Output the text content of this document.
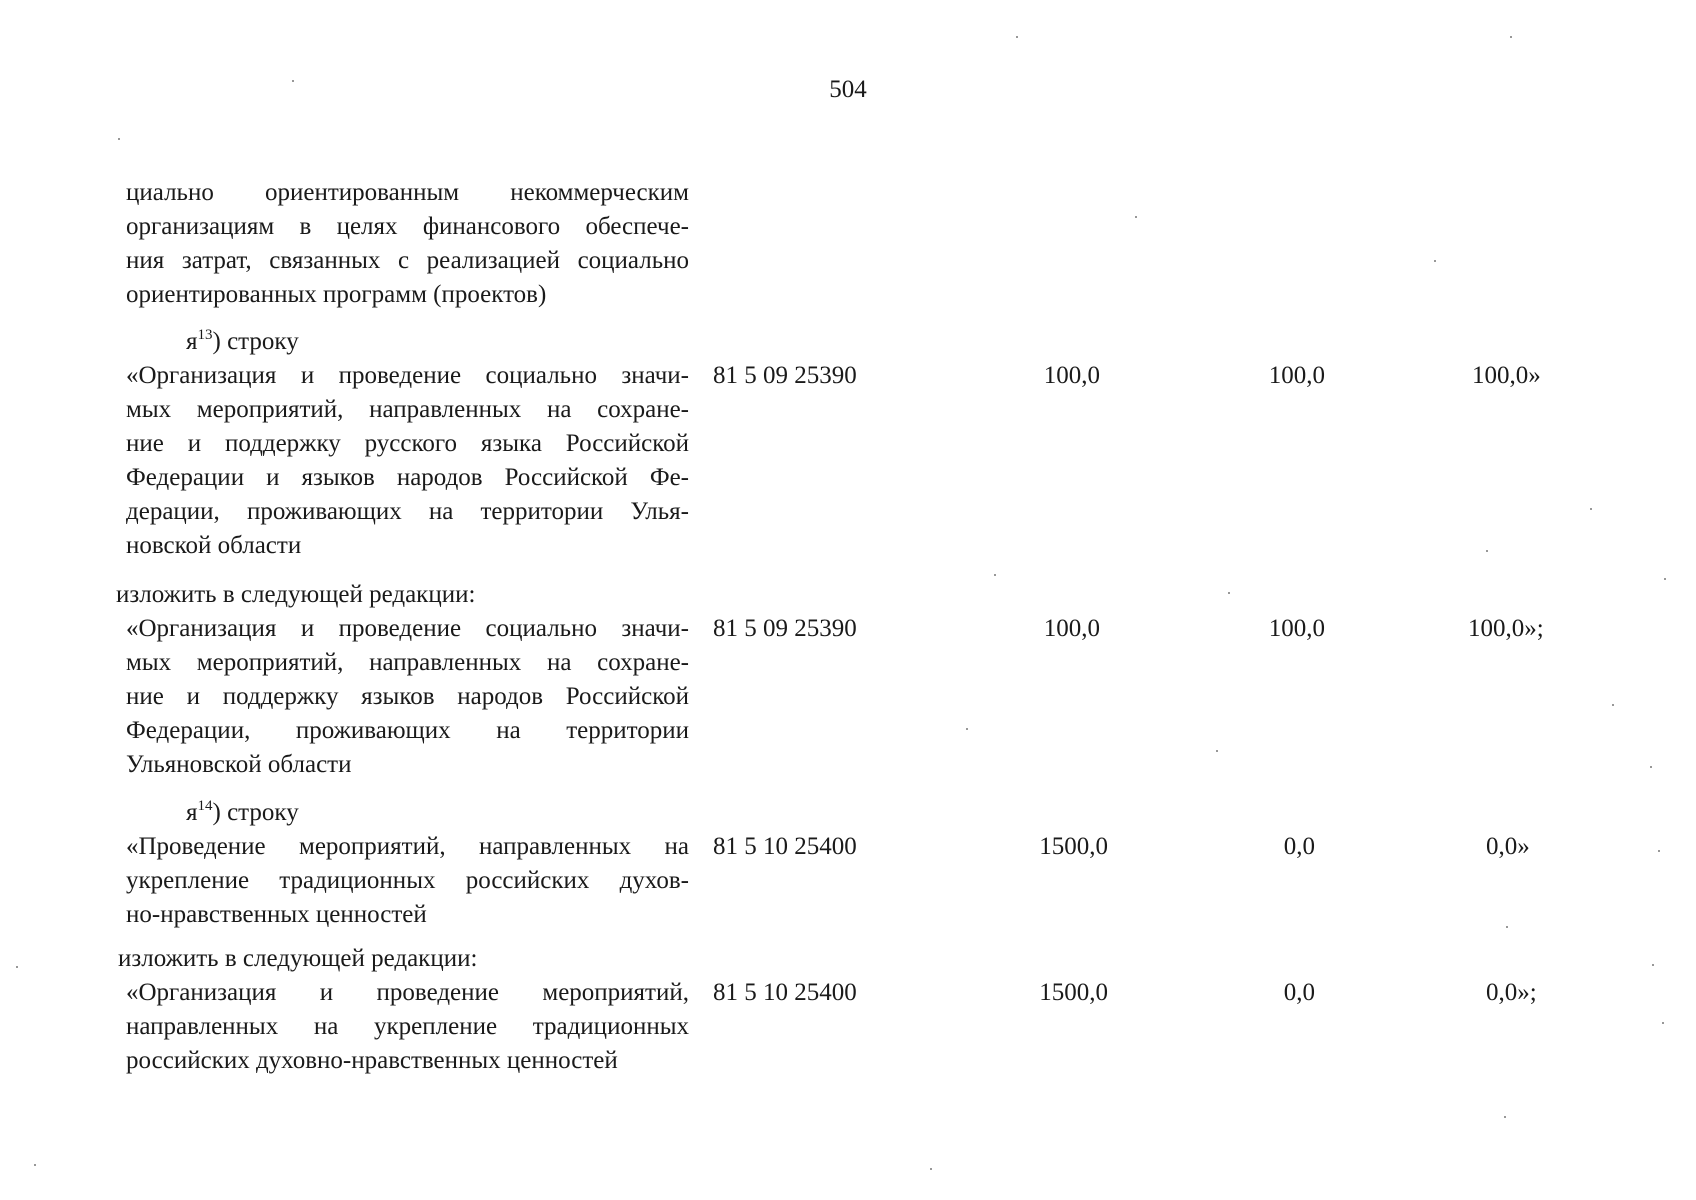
504
циально ориентированным некоммерческим
организациям в целях финансового обеспече-
ния затрат, связанных с реализацией социально
ориентированных программ (проектов)
$я^{13}$) строку
«Организация и проведение социально значи-
мых мероприятий, направленных на сохране-
ние и поддержку русского языка Российской
Федерации и языков народов Российской Фе-
дерации, проживающих на территории Улья-
новской области
81 5 09 25390	100,0	100,0	100,0»
изложить в следующей редакции:
«Организация и проведение социально значи-
мых мероприятий, направленных на сохране-
ние и поддержку языков народов Российской
Федерации, проживающих на территории
Ульяновской области
81 5 09 25390	100,0	100,0	100,0»;
$я^{14}$) строку
«Проведение мероприятий, направленных на
укрепление традиционных российских духов-
но-нравственных ценностей
81 5 10 25400	1500,0	0,0	0,0»
изложить в следующей редакции:
«Организация и проведение мероприятий,
направленных на укрепление традиционных
российских духовно-нравственных ценностей
81 5 10 25400	1500,0	0,0	0,0»;
